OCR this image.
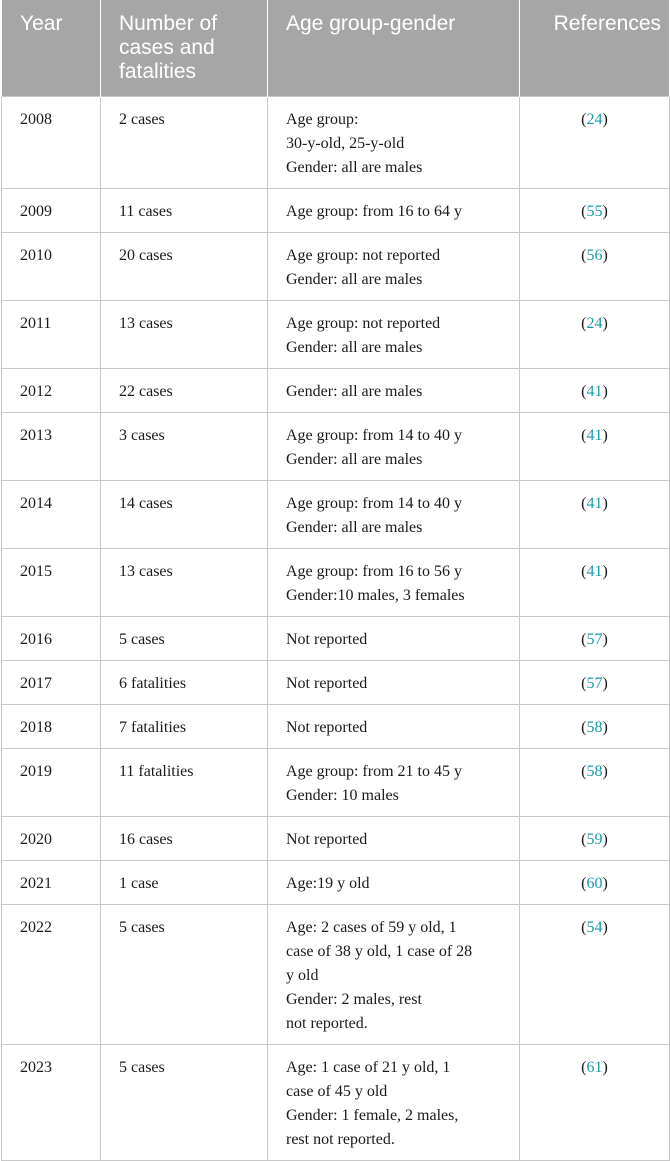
Year	Number of cases and fatalities	Age group-gender	References
2008	2 cases	Age group:
30-y-old, 25-y-old
Gender: all are males	(24)
2009	11 cases	Age group: from 16 to 64 y	(55)
2010	20 cases	Age group: not reported
Gender: all are males	(56)
2011	13 cases	Age group: not reported
Gender: all are males	(24)
2012	22 cases	Gender: all are males	(41)
2013	3 cases	Age group: from 14 to 40 y
Gender: all are males	(41)
2014	14 cases	Age group: from 14 to 40 y
Gender: all are males	(41)
2015	13 cases	Age group: from 16 to 56 y
Gender:10 males, 3 females	(41)
2016	5 cases	Not reported	(57)
2017	6 fatalities	Not reported	(57)
2018	7 fatalities	Not reported	(58)
2019	11 fatalities	Age group: from 21 to 45 y
Gender: 10 males	(58)
2020	16 cases	Not reported	(59)
2021	1 case	Age:19 y old	(60)
2022	5 cases	Age: 2 cases of 59 y old, 1
case of 38 y old, 1 case of 28
y old
Gender: 2 males, rest
not reported.	(54)
2023	5 cases	Age: 1 case of 21 y old, 1
case of 45 y old
Gender: 1 female, 2 males,
rest not reported.	(61)
